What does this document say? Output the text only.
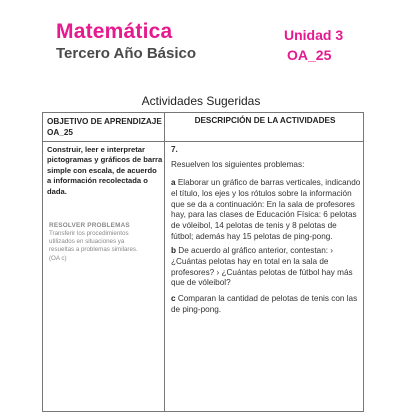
Matemática
Tercero Año Básico
Unidad 3
OA_25
Actividades Sugeridas
OBJETIVO DE APRENDIZAJE OA_25
DESCRIPCIÓN DE LA ACTIVIDADES
Construir, leer e interpretar pictogramas y gráficos de barra simple con escala, de acuerdo a información recolectada o dada.
RESOLVER PROBLEMAS
Transferir los procedimientos utilizados en situaciones ya resueltas a problemas similares. (OA c)
7.
Resuelven los siguientes problemas:
a Elaborar un gráfico de barras verticales, indicando el título, los ejes y los rótulos sobre la información que se da a continuación: En la sala de profesores hay, para las clases de Educación Física: 6 pelotas de vóleibol, 14 pelotas de tenis y 8 pelotas de fútbol; además hay 15 pelotas de ping-pong.
b De acuerdo al gráfico anterior, contestan: › ¿Cuántas pelotas hay en total en la sala de profesores? › ¿Cuántas pelotas de fútbol hay más que de vóleibol?
c Comparan la cantidad de pelotas de tenis con las de ping-pong.
